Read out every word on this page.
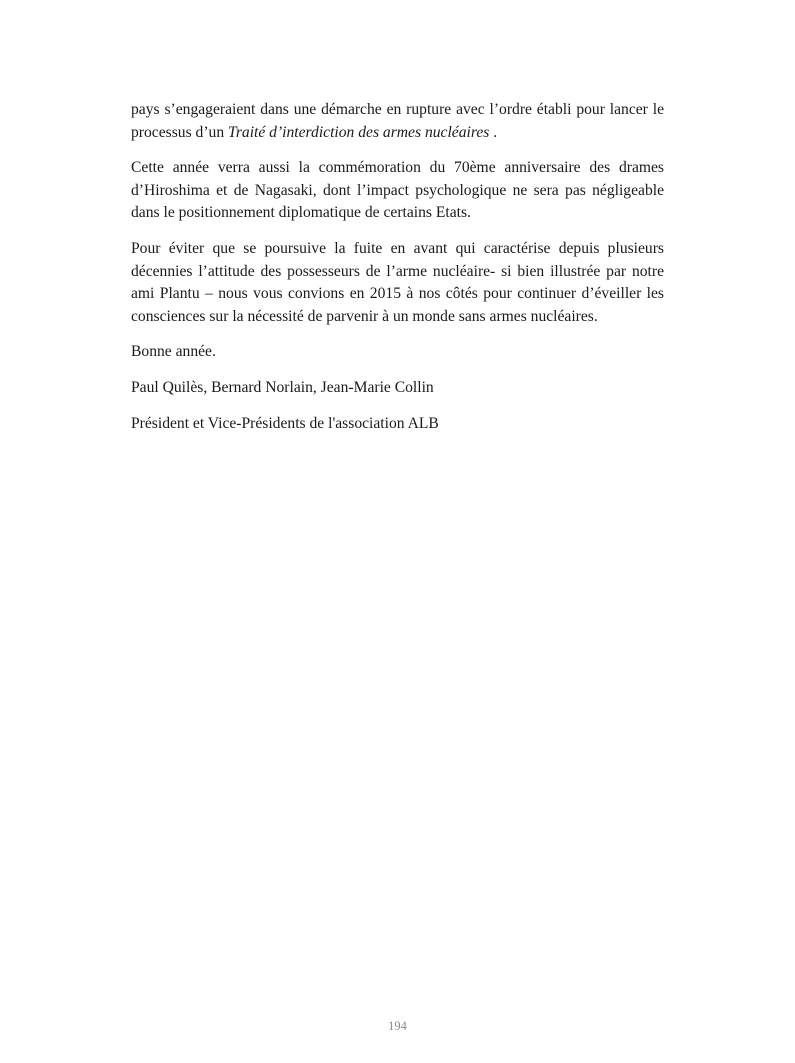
pays s’engageraient dans une démarche en rupture avec l’ordre établi pour lancer le processus d’un Traité d’interdiction des armes nucléaires .

Cette année verra aussi la commémoration du 70ème anniversaire des drames d’Hiroshima et de Nagasaki, dont l’impact psychologique ne sera pas négligeable dans le positionnement diplomatique de certains Etats.

Pour éviter que se poursuive la fuite en avant qui caractérise depuis plusieurs décennies l’attitude des possesseurs de l’arme nucléaire- si bien illustrée par notre ami Plantu – nous vous convions en 2015 à nos côtés pour continuer d’éveiller les consciences sur la nécessité de parvenir à un monde sans armes nucléaires.

Bonne année.

Paul Quilès, Bernard Norlain, Jean-Marie Collin

Président et Vice-Présidents de l'association ALB

194
